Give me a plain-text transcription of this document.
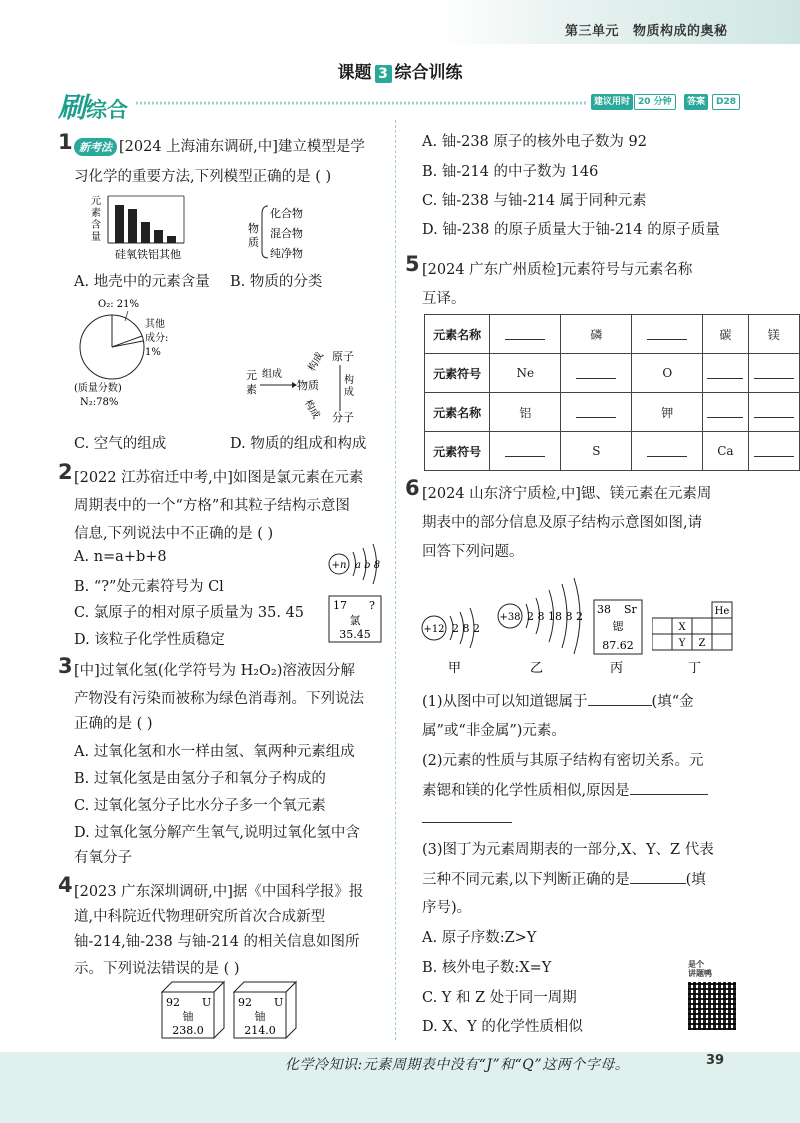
第三单元 物质构成的奥秘
课题 3 综合训练
刷综合	建议用时 20 分钟	答案	D28
1 新考法 [2024 上海浦东调研,中]建立模型是学
习化学的重要方法,下列模型正确的是 ( )
元
素
含
量
硅氧铁铝其他
物
质
化合物
混合物
纯净物
A. 地壳中的元素含量 B. 物质的分类
O₂: 21%
其他
成分:
1%
(质量分数)
N₂:78%
元
素
组成
物质
构成 原子
构
成
构成 分子
C. 空气的组成	D. 物质的组成和构成
2 [2022 江苏宿迁中考,中]如图是氯元素在元素
周期表中的一个“方格”和其粒子结构示意图
信息,下列说法中不正确的是 ( )
A. n=a+b+8
B. “?”处元素符号为 Cl
C. 氯原子的相对原子质量为 35. 45
D. 该粒子化学性质稳定
+n a b 8
17 ?
氯
35.45
3 [中]过氧化氢(化学符号为 H₂O₂)溶液因分解
产物没有污染而被称为绿色消毒剂。下列说法
正确的是 ( )
A. 过氧化氢和水一样由氢、氧两种元素组成
B. 过氧化氢是由氢分子和氧分子构成的
C. 过氧化氢分子比水分子多一个氧元素
D. 过氧化氢分解产生氧气,说明过氧化氢中含
有氧分子
4 [2023 广东深圳调研,中]据《中国科学报》报
道,中科院近代物理研究所首次合成新型
铀-214,铀-238 与铀-214 的相关信息如图所
示。下列说法错误的是 ( )
92 U
铀
238.0
92 U
铀
214.0
A. 铀-238 原子的核外电子数为 92
B. 铀-214 的中子数为 146
C. 铀-238 与铀-214 属于同种元素
D. 铀-238 的原子质量大于铀-214 的原子质量
5 [2024 广东广州质检]元素符号与元素名称
互译。
元素名称		磷		碳	镁
元素符号	Ne		O		
元素名称	铝		钾		
元素符号		S		Ca	
6 [2024 山东济宁质检,中]锶、镁元素在元素周
期表中的部分信息及原子结构示意图如图,请
回答下列问题。
+12 2 8 2
甲
+38 2 8 18 8 2
乙
38 Sr
锶
87.62
丙
He
X
Y Z
丁
(1)从图中可以知道锶属于	(填“金
属”或“非金属”)元素。
(2)元素的性质与其原子结构有密切关系。元
素锶和镁的化学性质相似,原因是
(3)图丁为元素周期表的一部分,X、Y、Z 代表
三种不同元素,以下判断正确的是	(填
序号)。
A. 原子序数:Z>Y
B. 核外电子数:X=Y
C. Y 和 Z 处于同一周期
D. X、Y 的化学性质相似
是个
讲题鸭
化学冷知识:元素周期表中没有“J”和“Q”这两个字母。	39
